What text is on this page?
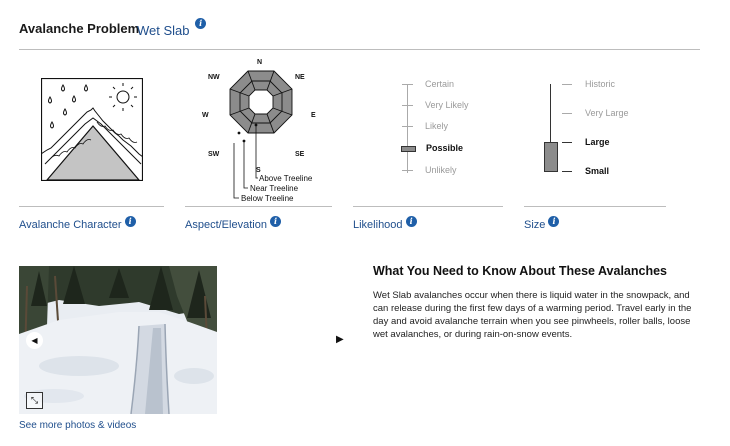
Avalanche Problem
Wet Slab i
Avalanche Character i
N
NE
E
SE
S
SW
W
NW
Above Treeline
Near Treeline
Below Treeline
Aspect/Elevation i
Certain
Very Likely
Likely
Possible
Unlikely
Likelihood i
Historic
Very Large
Large
Small
Size i
◀
⤡
▶
See more photos & videos
What You Need to Know About These Avalanches
Wet Slab avalanches occur when there is liquid water in the snowpack, and can release during the first few days of a warming period. Travel early in the day and avoid avalanche terrain when you see pinwheels, roller balls, loose wet avalanches, or during rain-on-snow events.
